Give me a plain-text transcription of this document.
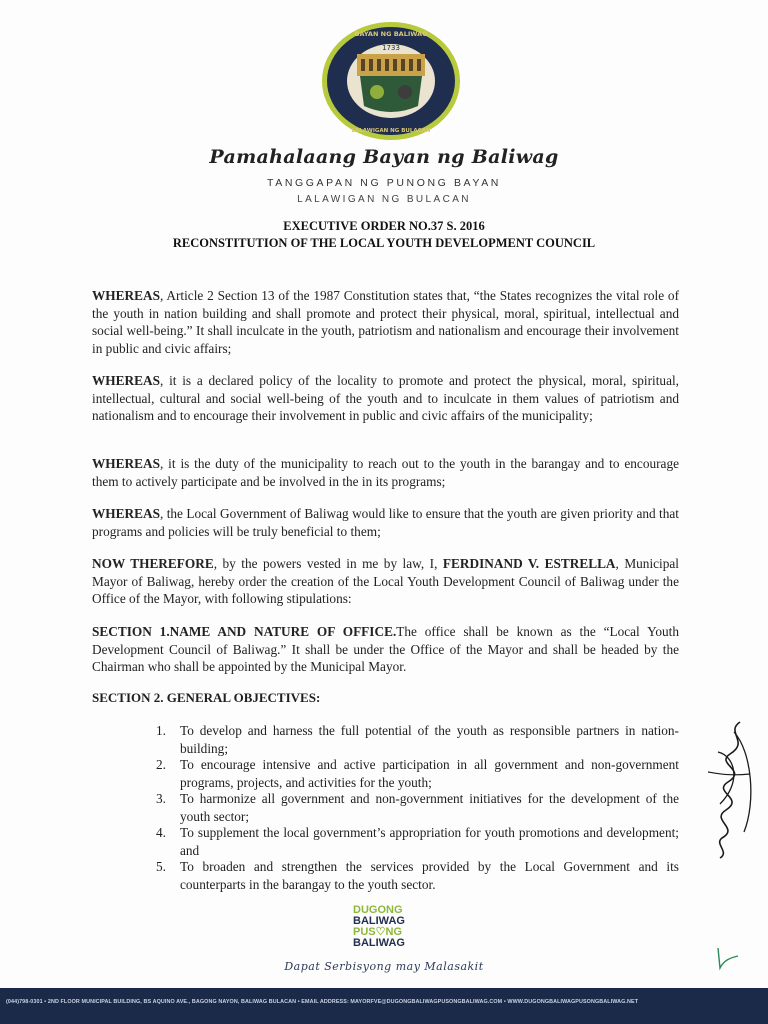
1733
BAYAN NG BALIWAG
LALAWIGAN NG BULACAN
Pamahalaang Bayan ng Baliwag
TANGGAPAN NG PUNONG BAYAN
LALAWIGAN NG BULACAN
EXECUTIVE ORDER NO.37 S. 2016
RECONSTITUTION OF THE LOCAL YOUTH DEVELOPMENT COUNCIL

WHEREAS, Article 2 Section 13 of the 1987 Constitution states that, “the States recognizes the vital role of the youth in nation building and shall promote and protect their physical, moral, spiritual, intellectual and social well-being.” It shall inculcate in the youth, patriotism and nationalism and encourage their involvement in public and civic affairs;

WHEREAS, it is a declared policy of the locality to promote and protect the physical, moral, spiritual, intellectual, cultural and social well-being of the youth and to inculcate in them values of patriotism and nationalism and to encourage their involvement in public and civic affairs of the municipality;

WHEREAS, it is the duty of the municipality to reach out to the youth in the barangay and to encourage them to actively participate and be involved in the in its programs;

WHEREAS, the Local Government of Baliwag would like to ensure that the youth are given priority and that programs and policies will be truly beneficial to them;

NOW THEREFORE, by the powers vested in me by law, I, FERDINAND V. ESTRELLA, Municipal Mayor of Baliwag, hereby order the creation of the Local Youth Development Council of Baliwag under the Office of the Mayor, with following stipulations:

SECTION 1.NAME AND NATURE OF OFFICE.The office shall be known as the “Local Youth Development Council of Baliwag.” It shall be under the Office of the Mayor and shall be headed by the Chairman who shall be appointed by the Municipal Mayor.

SECTION 2. GENERAL OBJECTIVES:
1. To develop and harness the full potential of the youth as responsible partners in nation-building;
2. To encourage intensive and active participation in all government and non-government programs, projects, and activities for the youth;
3. To harmonize all government and non-government initiatives for the development of the youth sector;
4. To supplement the local government’s appropriation for youth promotions and development; and
5. To broaden and strengthen the services provided by the Local Government and its counterparts in the barangay to the youth sector.
DUGONG
BALIWAG
PUS♡NG
BALIWAG
Dapat Serbisyong may Malasakit
(044)798-0301 • 2ND FLOOR MUNICIPAL BUILDING, BS AQUINO AVE., BAGONG NAYON, BALIWAG BULACAN • EMAIL ADDRESS: MAYORFVE@DUGONGBALIWAGPUSONGBALIWAG.COM • WWW.DUGONGBALIWAGPUSONGBALIWAG.NET
